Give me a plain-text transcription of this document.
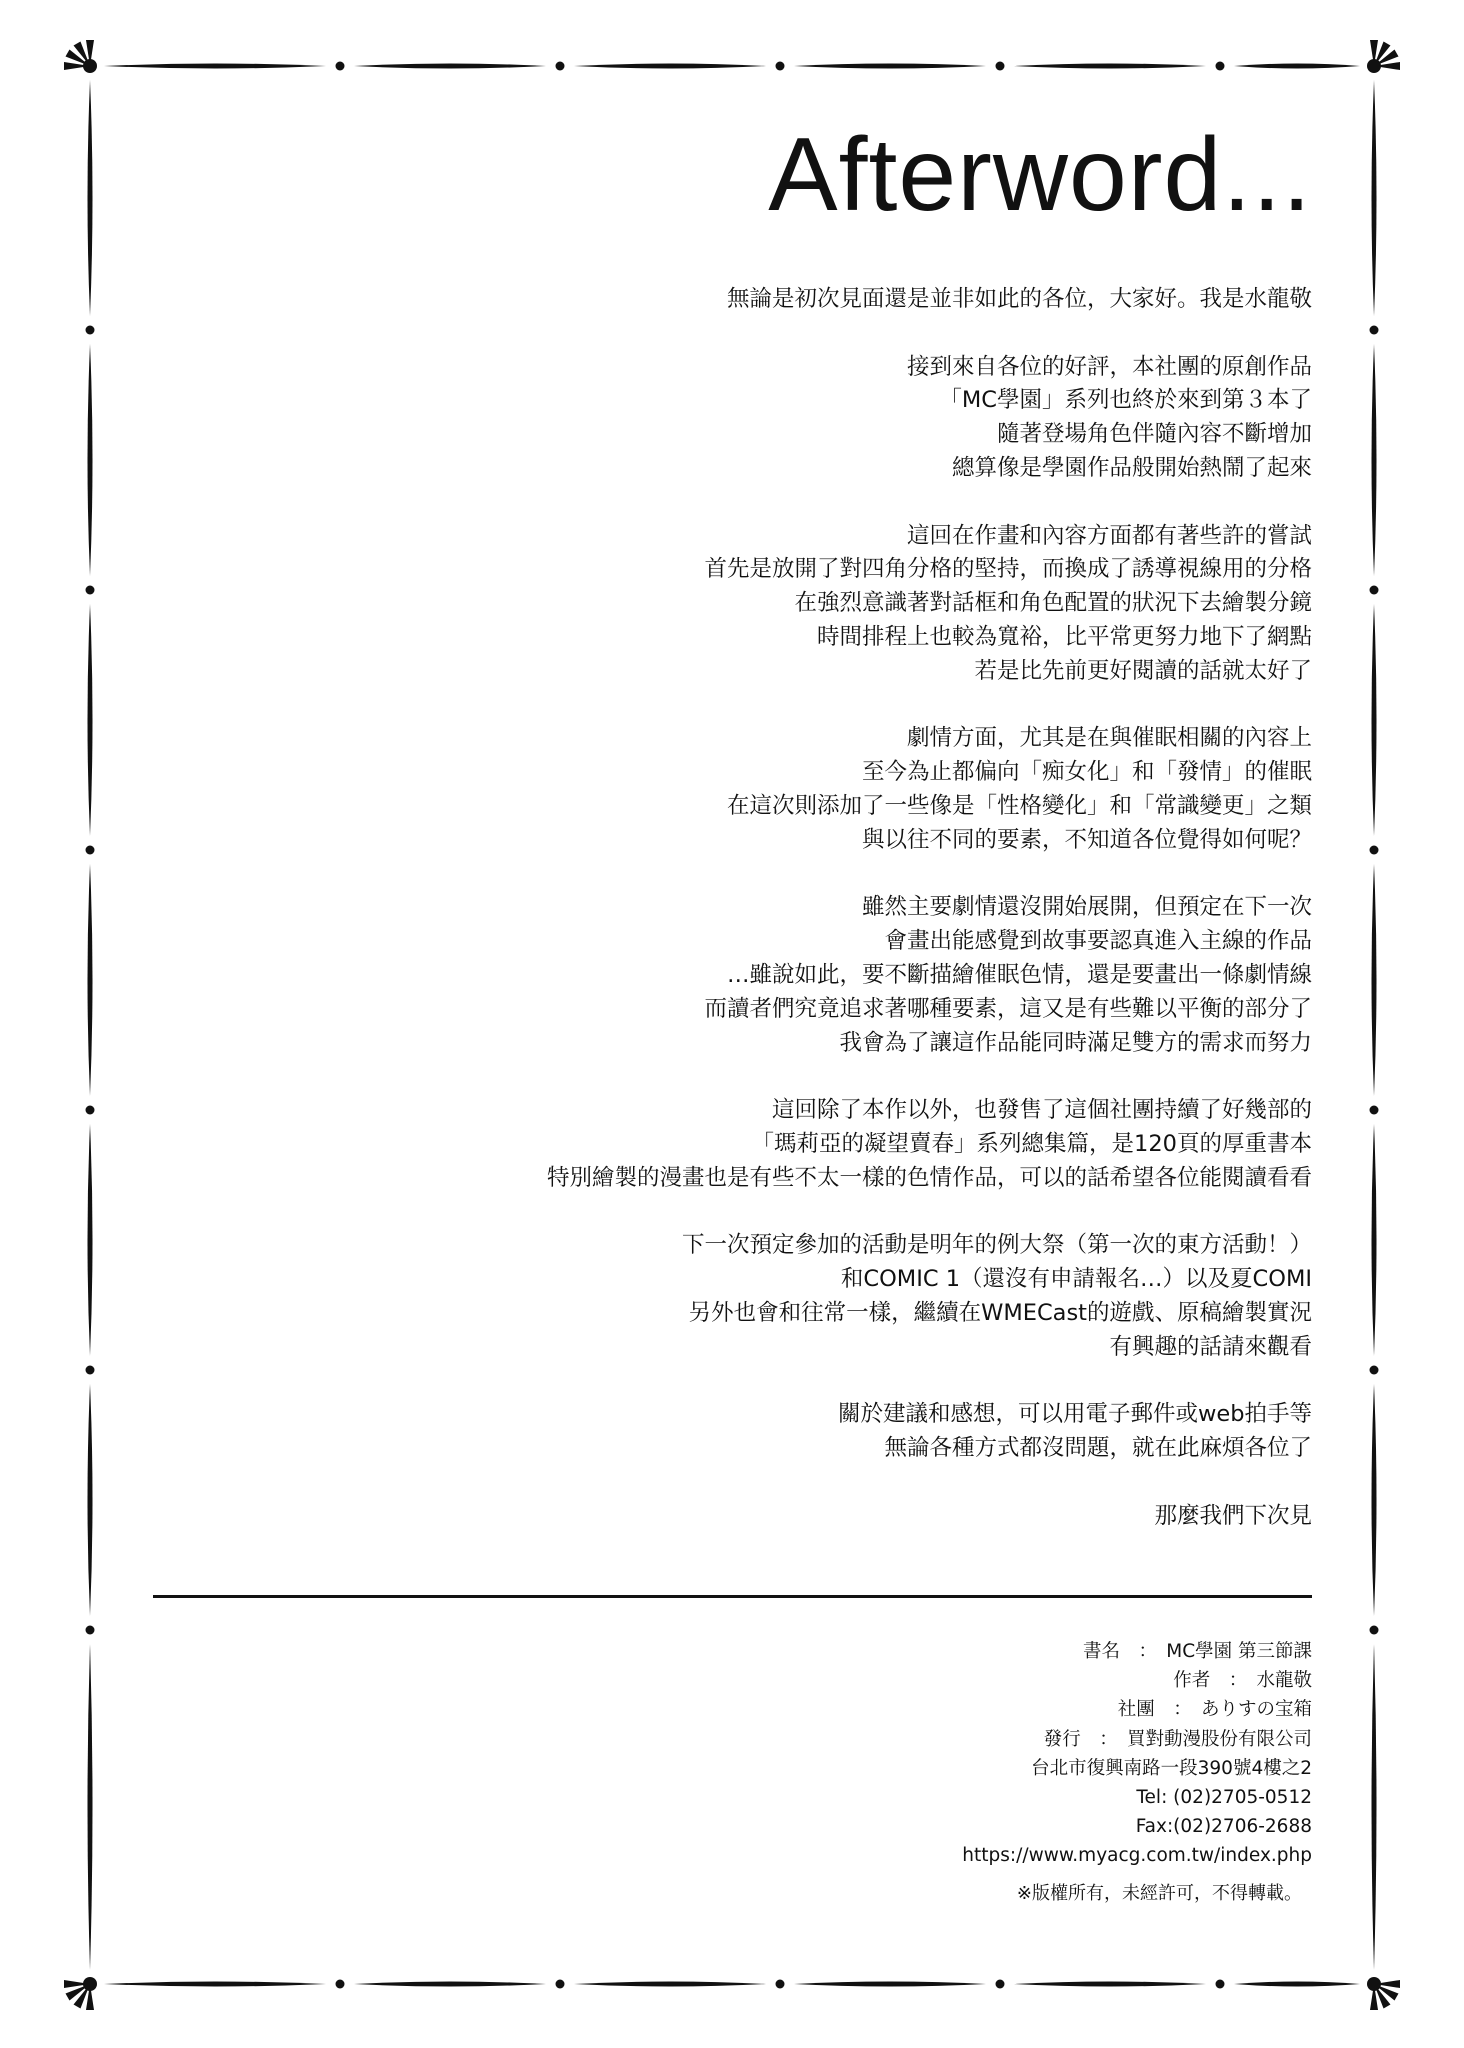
Afterword...
無論是初次見面還是並非如此的各位，大家好。我是水龍敬
接到來自各位的好評，本社團的原創作品
「MC學園」系列也終於來到第３本了
隨著登場角色伴隨內容不斷增加
總算像是學園作品般開始熱鬧了起來
這回在作畫和內容方面都有著些許的嘗試
首先是放開了對四角分格的堅持，而換成了誘導視線用的分格
在強烈意識著對話框和角色配置的狀況下去繪製分鏡
時間排程上也較為寬裕，比平常更努力地下了網點
若是比先前更好閱讀的話就太好了
劇情方面，尤其是在與催眠相關的內容上
至今為止都偏向「痴女化」和「發情」的催眠
在這次則添加了一些像是「性格變化」和「常識變更」之類
與以往不同的要素，不知道各位覺得如何呢？
雖然主要劇情還沒開始展開，但預定在下一次
會畫出能感覺到故事要認真進入主線的作品
…雖說如此，要不斷描繪催眠色情，還是要畫出一條劇情線
而讀者們究竟追求著哪種要素，這又是有些難以平衡的部分了
我會為了讓這作品能同時滿足雙方的需求而努力
這回除了本作以外，也發售了這個社團持續了好幾部的
「瑪莉亞的凝望賣春」系列總集篇，是120頁的厚重書本
特別繪製的漫畫也是有些不太一樣的色情作品，可以的話希望各位能閱讀看看
下一次預定參加的活動是明年的例大祭（第一次的東方活動！）
和COMIC 1（還沒有申請報名…）以及夏COMI
另外也會和往常一樣，繼續在WMECast的遊戲、原稿繪製實況
有興趣的話請來觀看
關於建議和感想，可以用電子郵件或web拍手等
無論各種方式都沒問題，就在此麻煩各位了
那麼我們下次見
書名　：　MC學園 第三節課
作者　：　水龍敬
社團　：　ありすの宝箱
發行　：　買對動漫股份有限公司
台北市復興南路一段390號4樓之2
Tel: (02)2705-0512
Fax:(02)2706-2688
https://www.myacg.com.tw/index.php
※版權所有，未經許可，不得轉載。
